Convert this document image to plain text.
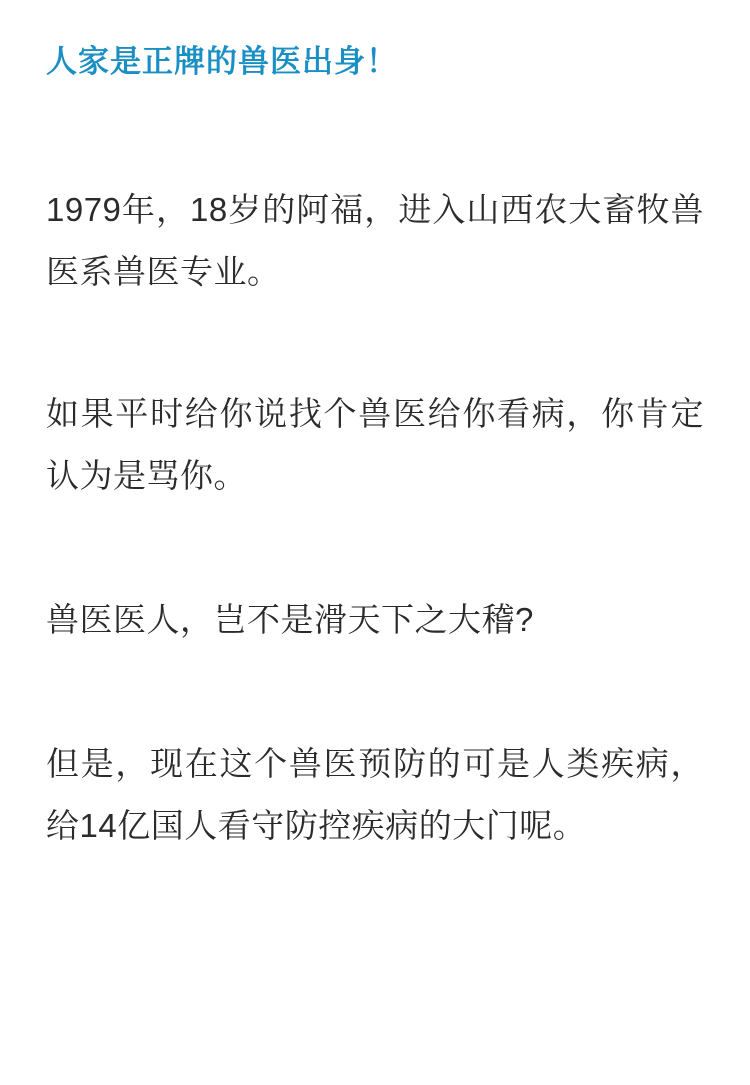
人家是正牌的兽医出身！

1979年，18岁的阿福，进入山西农大畜牧兽医系兽医专业。

如果平时给你说找个兽医给你看病，你肯定认为是骂你。

兽医医人，岂不是滑天下之大稽?

但是，现在这个兽医预防的可是人类疾病，给14亿国人看守防控疾病的大门呢。
